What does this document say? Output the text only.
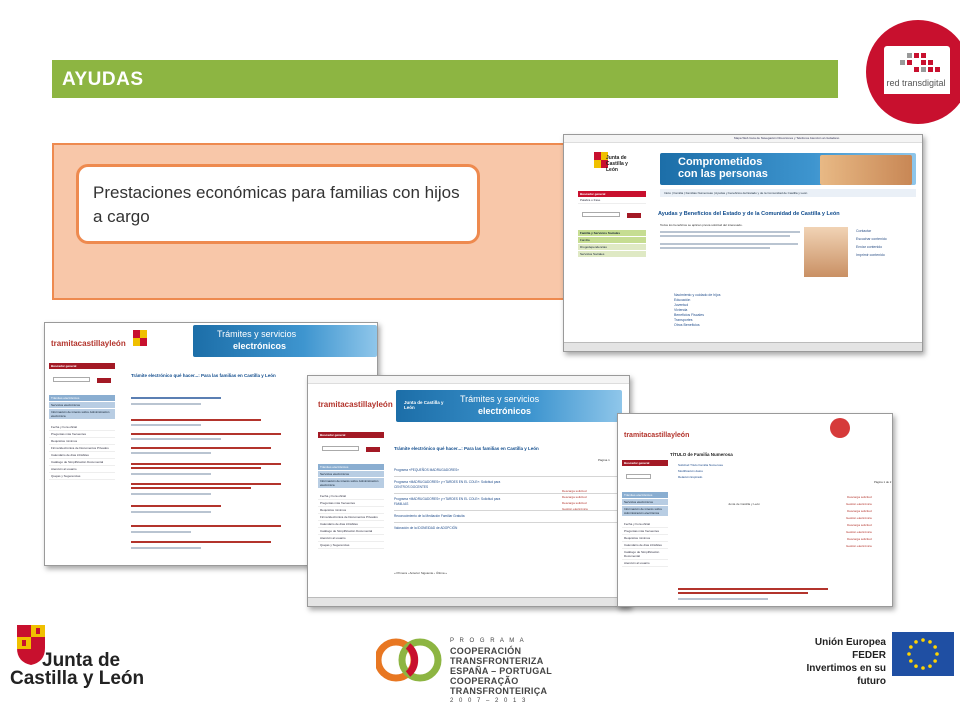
AYUDAS	red transdigital
Prestaciones económicas para familias con hijos a cargo
Mapa Web Guía de Navegación Direcciones y Teléfonos Atención al ciudadano
Junta de Castilla y León
Comprometidos
con las personas
Buscador general
Palabra o frase

Familia y Servicios Sociales
Familia
Drogodependencias
Servicios Sociales
Inicio | Familia | Familias Numerosas | Ayudas y beneficios del Estado y de la Comunidad de Castilla y León
Ayudas y Beneficios del Estado y de la Comunidad de Castilla y León
Todos los beneficios se aplican previa solicitud del interesado.
Contactar
Escuchar contenido
Enviar contenido
Imprimir contenido
Nacimiento y cuidado de hijos
Educación
Juventud
Vivienda
Beneficios Fiscales
Transportes
Otros Beneficios
tramitacastillayleón
Trámites y servicios
electrónicos
Buscador general

Trámites electrónicos
Servicios electrónicos
Información de interés sobre Administración electrónica
Fecha y hora oficial
Preguntas más frecuentes
Requisitos mínimos
Firma Electrónica de Documentos Privados
Calendario de días inhábiles
Catálogo de Simplificación Documental
Atención al usuario
Quejas y Sugerencias
Trámite electrónico qué hacer...: Para las familias en Castilla y León
tramitacastillayleón
Trámites y servicios
electrónicos
Junta de Castilla y León
Buscador general

Trámites electrónicos
Servicios electrónicos
Información de interés sobre Administración electrónica
Fecha y hora oficial
Preguntas más frecuentes
Requisitos mínimos
Firma Electrónica de Documentos Privados
Calendario de días inhábiles
Catálogo de Simplificación Documental
Atención al usuario
Quejas y Sugerencias
Trámite electrónico qué hacer...: Para las familias en Castilla y León
Página 1
Programa «PEQUEÑOS MADRUGADORES»
Programa «MADRUGADORES» y «TARDES EN EL COLE»: Solicitud para CENTROS DOCENTES
Programa «MADRUGADORES» y «TARDES EN EL COLE»: Solicitud para FAMILIAS
Reconocimiento de la Mediación Familiar Gratuita
Valoración de la IDONEIDAD de ADOPCIÓN
Descarga solicitud
Descarga solicitud
Descarga solicitud
Gestión electrónica
« Primera ‹ Anterior Siguiente › Última »
tramitacastillayleón
Buscador general
Trámites electrónicos
Servicios electrónicos
Información de interés sobre Administración electrónica
Fecha y hora oficial
Preguntas más frecuentes
Requisitos mínimos
Calendario de días inhábiles
Catálogo de Simplificación Documental
Atención al usuario
TÍTULO de Familia Numerosa
Página 1 de 2
Solicitud Título Familia Numerosa
Modificación datos
Relación Expirado
Junta de Castilla y León
Descarga solicitud
Gestión electrónica
Descarga solicitud
Gestión electrónica
Descarga solicitud
Gestión electrónica
Descarga solicitud
Gestión electrónica
Junta de
Castilla y León
P R O G R A M A
COOPERACIÓN TRANSFRONTERIZA
ESPAÑA – PORTUGAL
COOPERAÇÃO TRANSFRONTEIRIÇA
2 0 0 7 – 2 0 1 3
Unión Europea
FEDER
Invertimos en su futuro
